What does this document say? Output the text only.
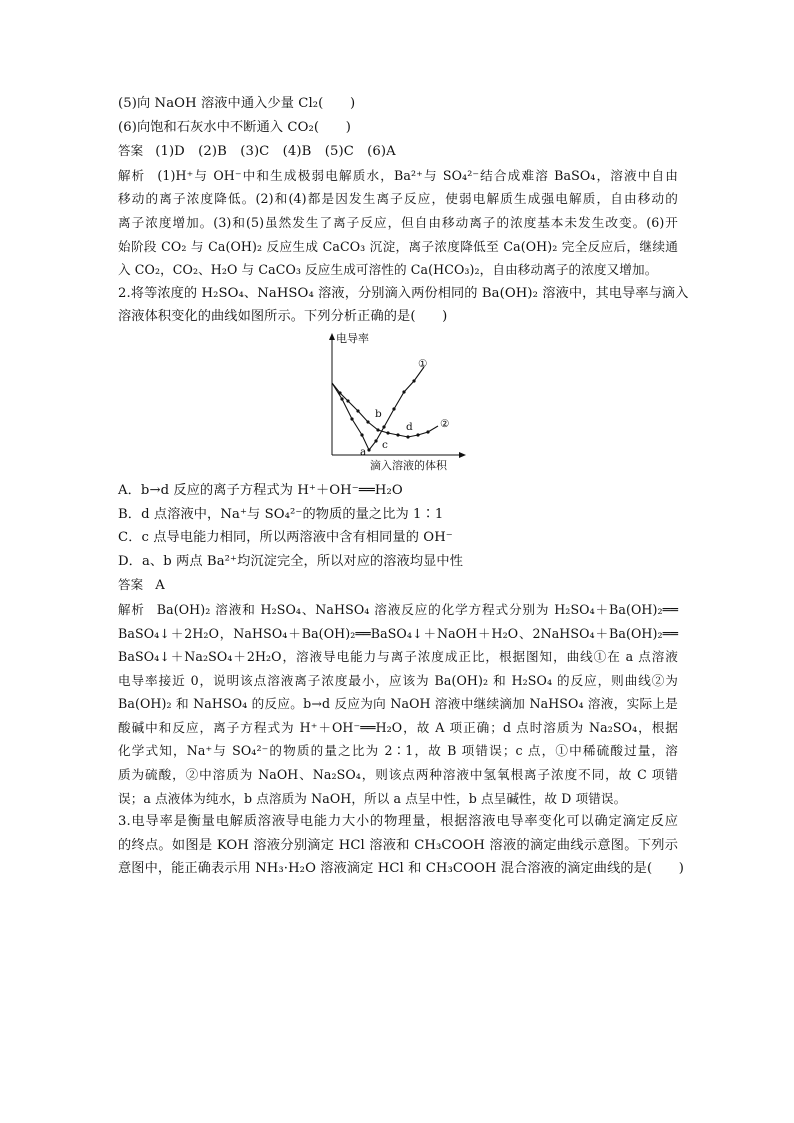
(5)向 NaOH 溶液中通入少量 Cl₂(　　)
(6)向饱和石灰水中不断通入 CO₂(　　)
答案 (1)D　(2)B　(3)C　(4)B　(5)C　(6)A
解析 (1)H⁺与 OH⁻中和生成极弱电解质水，Ba²⁺与 SO₄²⁻结合成难溶 BaSO₄，溶液中自由
移动的离子浓度降低。(2)和(4)都是因发生离子反应，使弱电解质生成强电解质，自由移动的
离子浓度增加。(3)和(5)虽然发生了离子反应，但自由移动离子的浓度基本未发生改变。(6)开
始阶段 CO₂ 与 Ca(OH)₂ 反应生成 CaCO₃ 沉淀，离子浓度降低至 Ca(OH)₂ 完全反应后，继续通
入 CO₂，CO₂、H₂O 与 CaCO₃ 反应生成可溶性的 Ca(HCO₃)₂，自由移动离子的浓度又增加。
2.将等浓度的 H₂SO₄、NaHSO₄ 溶液，分别滴入两份相同的 Ba(OH)₂ 溶液中，其电导率与滴入
溶液体积变化的曲线如图所示。下列分析正确的是(　　)
电导率
滴入溶液的体积
①
②
a
b
c
d
A．b→d 反应的离子方程式为 H⁺＋OH⁻══H₂O
B．d 点溶液中，Na⁺与 SO₄²⁻的物质的量之比为 1∶1
C．c 点导电能力相同，所以两溶液中含有相同量的 OH⁻
D．a、b 两点 Ba²⁺均沉淀完全，所以对应的溶液均显中性
答案 A
解析 Ba(OH)₂ 溶液和 H₂SO₄、NaHSO₄ 溶液反应的化学方程式分别为 H₂SO₄＋Ba(OH)₂══
BaSO₄↓＋2H₂O，NaHSO₄＋Ba(OH)₂══BaSO₄↓＋NaOH＋H₂O、2NaHSO₄＋Ba(OH)₂══
BaSO₄↓＋Na₂SO₄＋2H₂O，溶液导电能力与离子浓度成正比，根据图知，曲线①在 a 点溶液
电导率接近 0，说明该点溶液离子浓度最小，应该为 Ba(OH)₂ 和 H₂SO₄ 的反应，则曲线②为
Ba(OH)₂ 和 NaHSO₄ 的反应。b→d 反应为向 NaOH 溶液中继续滴加 NaHSO₄ 溶液，实际上是
酸碱中和反应，离子方程式为 H⁺＋OH⁻══H₂O，故 A 项正确；d 点时溶质为 Na₂SO₄，根据
化学式知，Na⁺与 SO₄²⁻的物质的量之比为 2∶1，故 B 项错误；c 点，①中稀硫酸过量，溶
质为硫酸，②中溶质为 NaOH、Na₂SO₄，则该点两种溶液中氢氧根离子浓度不同，故 C 项错
误；a 点液体为纯水，b 点溶质为 NaOH，所以 a 点呈中性，b 点呈碱性，故 D 项错误。
3.电导率是衡量电解质溶液导电能力大小的物理量，根据溶液电导率变化可以确定滴定反应
的终点。如图是 KOH 溶液分别滴定 HCl 溶液和 CH₃COOH 溶液的滴定曲线示意图。下列示
意图中，能正确表示用 NH₃·H₂O 溶液滴定 HCl 和 CH₃COOH 混合溶液的滴定曲线的是(　　)
